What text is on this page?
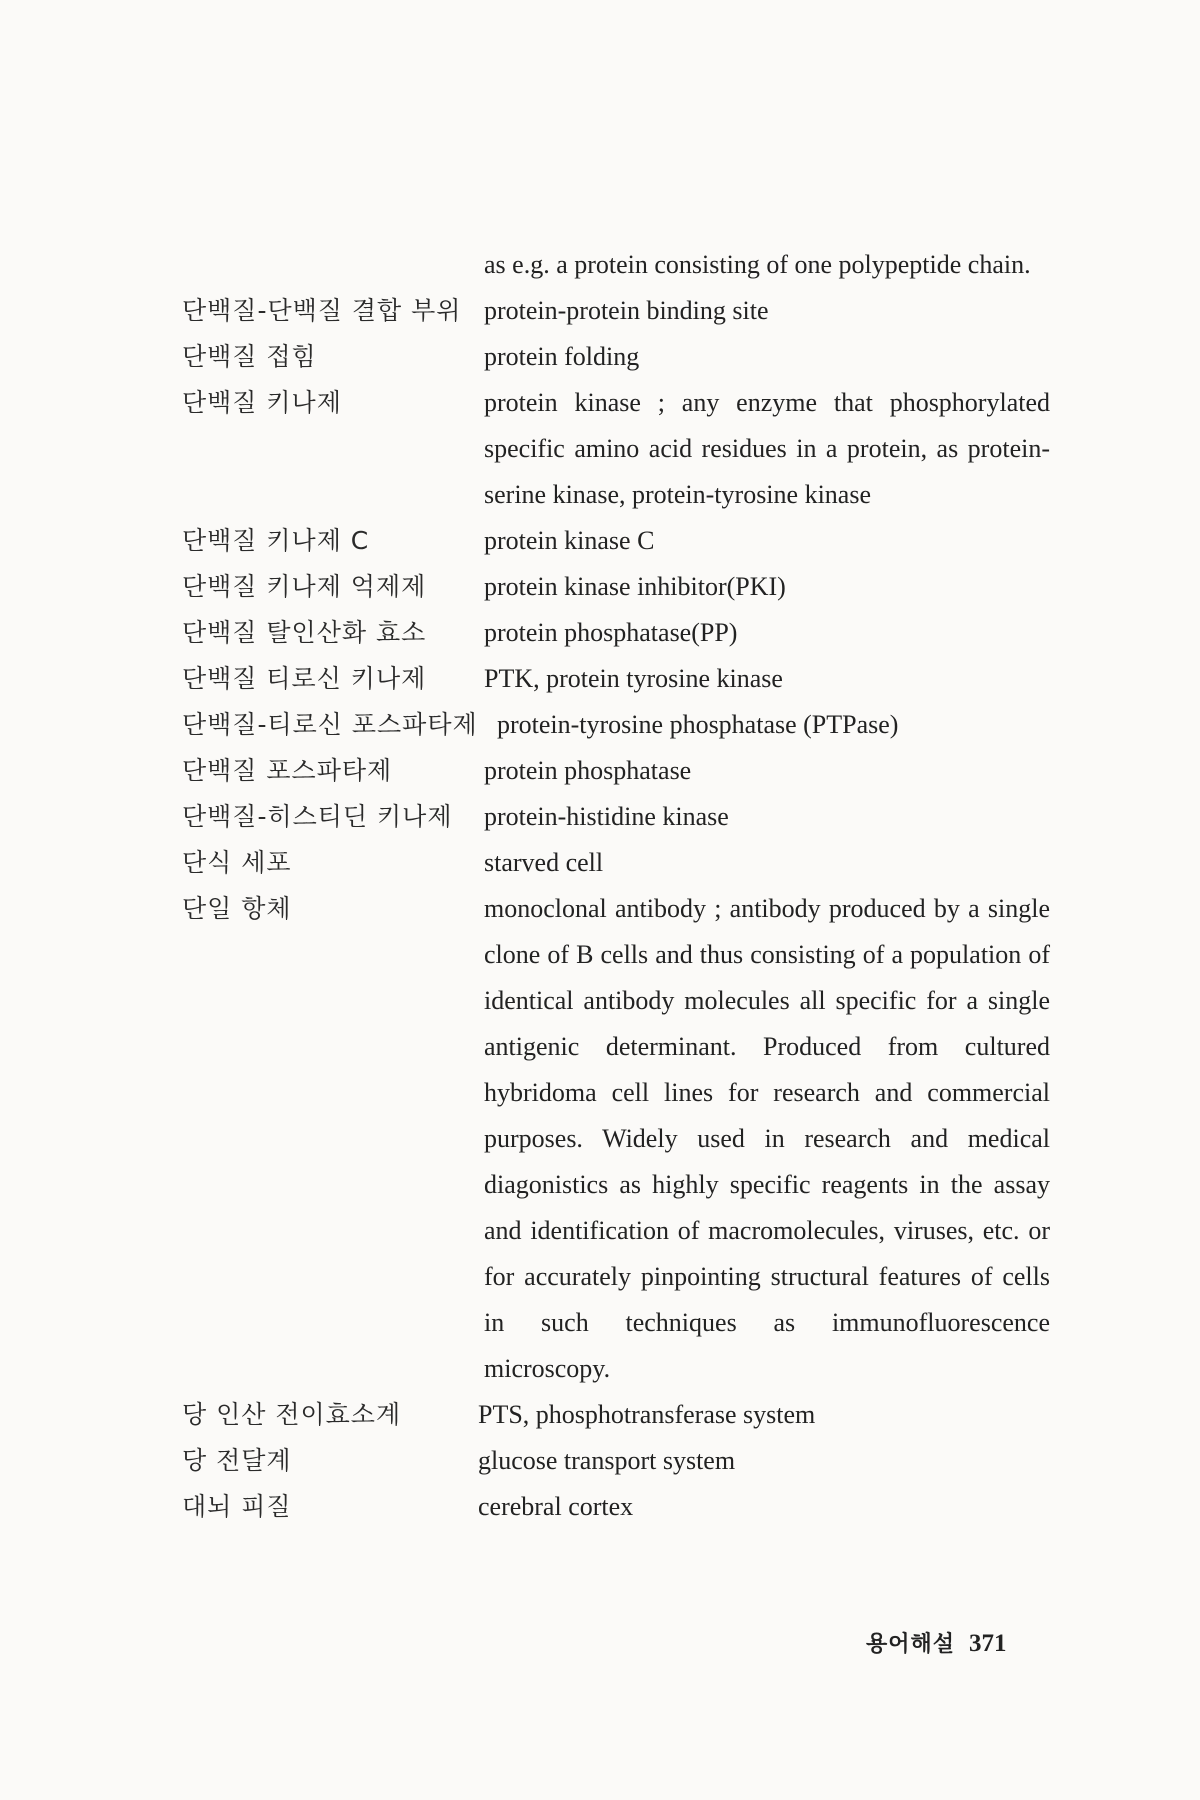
as e.g. a protein consisting of one polypeptide chain.
단백질-단백질 결합 부위 protein-protein binding site
단백질 접힘	protein folding
단백질 키나제	protein kinase ; any enzyme that phosphorylated specific amino acid residues in a protein, as protein-serine kinase, protein-tyrosine kinase
단백질 키나제 C	protein kinase C
단백질 키나제 억제제 protein kinase inhibitor(PKI)
단백질 탈인산화 효소 protein phosphatase(PP)
단백질 티로신 키나제 PTK, protein tyrosine kinase
단백질-티로신 포스파타제 protein-tyrosine phosphatase (PTPase)
단백질 포스파타제	protein phosphatase
단백질-히스티딘 키나제 protein-histidine kinase
단식 세포	starved cell
단일 항체	monoclonal antibody ; antibody produced by a single clone of B cells and thus consisting of a population of identical antibody molecules all specific for a single antigenic determinant. Produced from cultured hybridoma cell lines for research and commercial purposes. Widely used in research and medical diagonistics as highly specific reagents in the assay and identification of macromolecules, viruses, etc. or for accurately pinpointing structural features of cells in such techniques as immunofluorescence microscopy.
당 인산 전이효소계	PTS, phosphotransferase system
당 전달계	glucose transport system
대뇌 피질	cerebral cortex
용어해설 371
